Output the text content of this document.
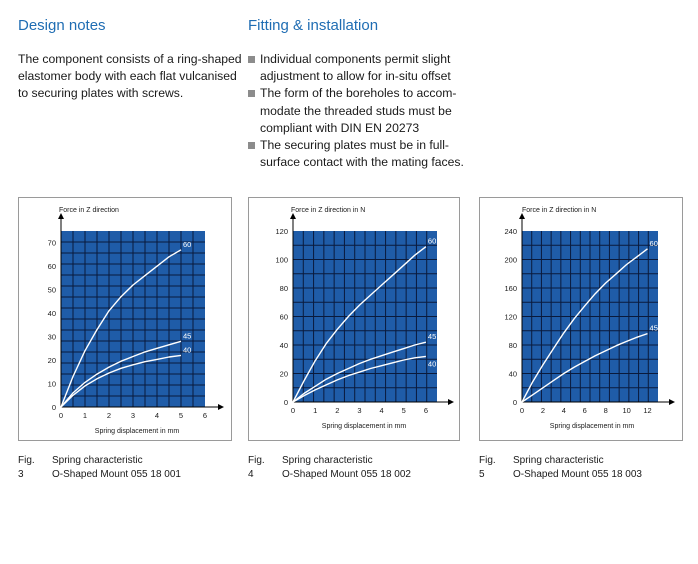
Design notes

The component consists of a ring-shaped
elastomer body with each flat vulcanised
to securing plates with screws.

Fitting & installation
Individual components permit slight
adjustment to allow for in-situ offset
The form of the boreholes to accom-
modate the threaded studs must be
compliant with DIN EN 20273
The securing plates must be in full-
surface contact with the mating faces.
0	1	2	3	4	5	6
0
10
20
30
40
50
60
70
Force in Z direction
Spring displacement in mm
60
45
40
0 1 2 3 4 5 6
0
20
40
60
80
100
120
Force in Z direction in N
Spring displacement in mm
60
45
40
0 2 4 6 8 10 12
0
40
80
120
160
200
240
Force in Z direction in N
Spring displacement in mm
60
45
Fig. 3
Spring characteristic
O-Shaped Mount 055 18 001
Fig. 4
Spring characteristic
O-Shaped Mount 055 18 002
Fig. 5
Spring characteristic
O-Shaped Mount 055 18 003
